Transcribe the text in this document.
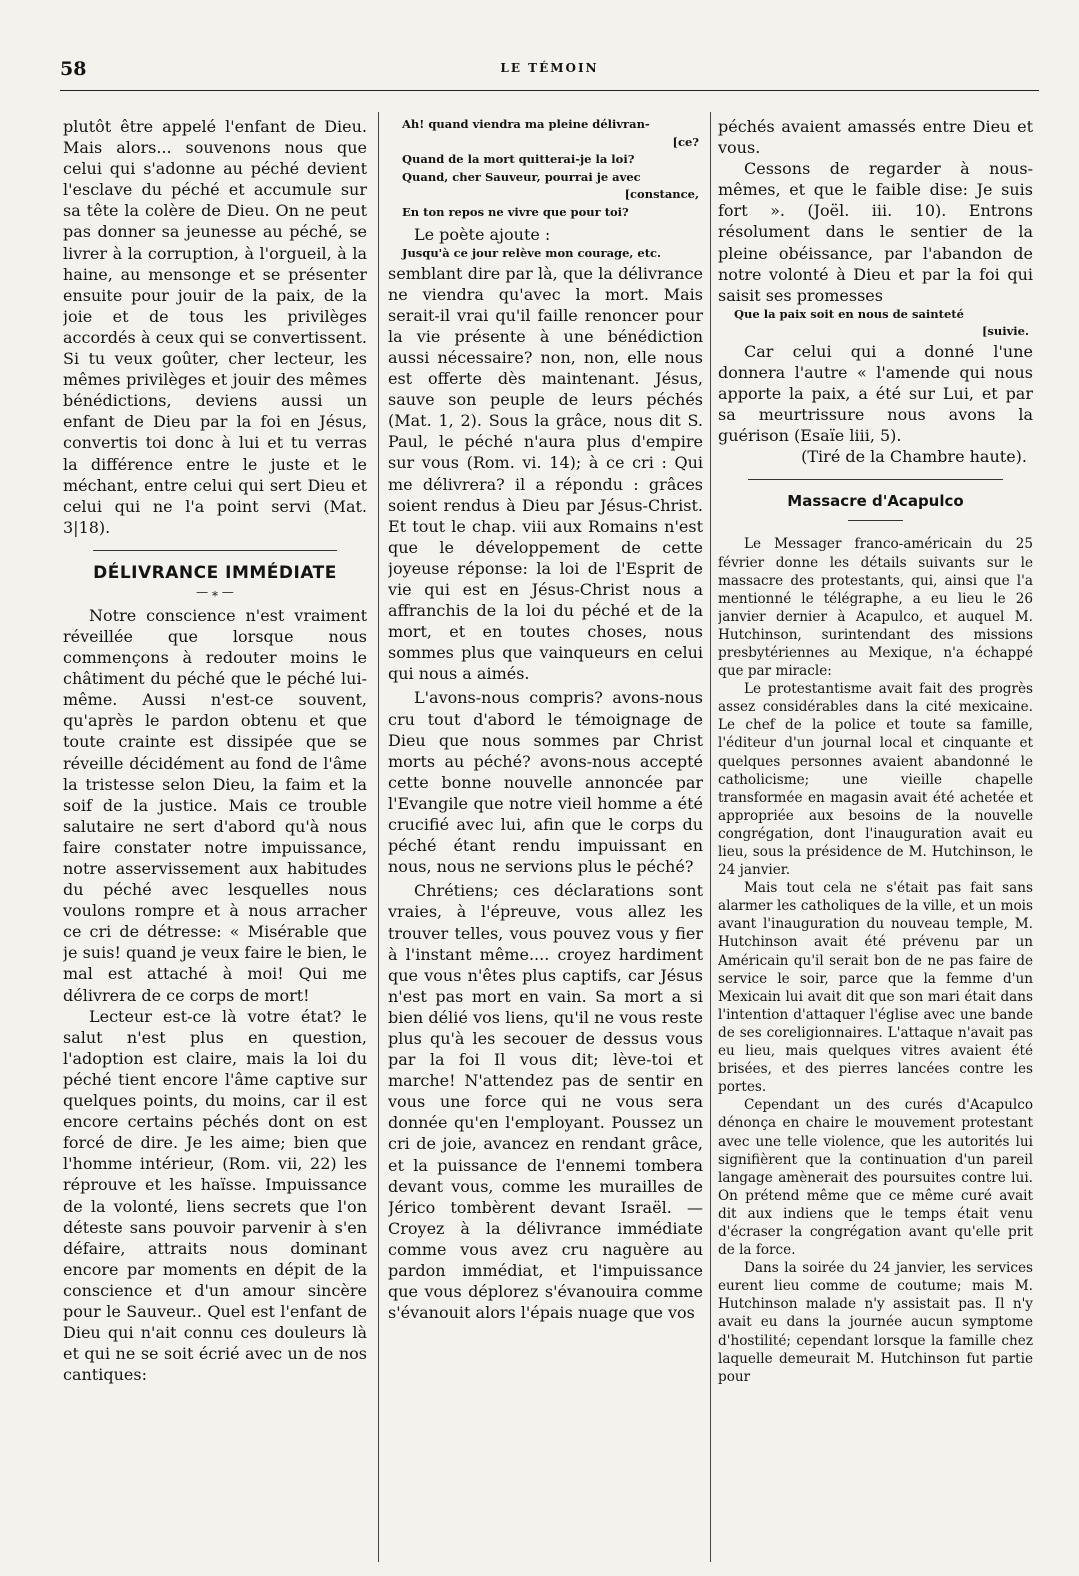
58	LE TÉMOIN

plutôt être appelé l'enfant de Dieu. Mais alors... souvenons nous que celui qui s'adonne au péché devient l'esclave du péché et accumule sur sa tête la colère de Dieu. On ne peut pas donner sa jeunesse au péché, se livrer à la corruption, à l'orgueil, à la haine, au mensonge et se présenter ensuite pour jouir de la paix, de la joie et de tous les privilèges accordés à ceux qui se convertissent. Si tu veux goûter, cher lecteur, les mêmes privilèges et jouir des mêmes bénédictions, deviens aussi un enfant de Dieu par la foi en Jésus, convertis toi donc à lui et tu verras la différence entre le juste et le méchant, entre celui qui sert Dieu et celui qui ne l'a point servi (Mat. 3|18).

DÉLIVRANCE IMMÉDIATE
— ⁎ —

Notre conscience n'est vraiment réveillée que lorsque nous commençons à redouter moins le châtiment du péché que le péché lui-même. Aussi n'est-ce souvent, qu'après le pardon obtenu et que toute crainte est dissipée que se réveille décidément au fond de l'âme la tristesse selon Dieu, la faim et la soif de la justice. Mais ce trouble salutaire ne sert d'abord qu'à nous faire constater notre impuissance, notre asservissement aux habitudes du péché avec lesquelles nous voulons rompre et à nous arracher ce cri de détresse: « Misérable que je suis! quand je veux faire le bien, le mal est attaché à moi! Qui me délivrera de ce corps de mort!

Lecteur est-ce là votre état? le salut n'est plus en question, l'adoption est claire, mais la loi du péché tient encore l'âme captive sur quelques points, du moins, car il est encore certains péchés dont on est forcé de dire. Je les aime; bien que l'homme intérieur, (Rom. vii, 22) les réprouve et les haïsse. Impuissance de la volonté, liens secrets que l'on déteste sans pouvoir parvenir à s'en défaire, attraits nous dominant encore par moments en dépit de la conscience et d'un amour sincère pour le Sauveur.. Quel est l'enfant de Dieu qui n'ait connu ces douleurs là et qui ne se soit écrié avec un de nos cantiques:

Ah! quand viendra ma pleine délivran-
[ce?
Quand de la mort quitterai-je la loi?
Quand, cher Sauveur, pourrai je avec
[constance,
En ton repos ne vivre que pour toi?

Le poète ajoute :

Jusqu'à ce jour relève mon courage, etc.

semblant dire par là, que la délivrance ne viendra qu'avec la mort. Mais serait-il vrai qu'il faille renoncer pour la vie présente à une bénédiction aussi nécessaire? non, non, elle nous est offerte dès maintenant. Jésus, sauve son peuple de leurs péchés (Mat. 1, 2). Sous la grâce, nous dit S. Paul, le péché n'aura plus d'empire sur vous (Rom. vi. 14); à ce cri : Qui me délivrera? il a répondu : grâces soient rendus à Dieu par Jésus-Christ. Et tout le chap. viii aux Romains n'est que le développement de cette joyeuse réponse: la loi de l'Esprit de vie qui est en Jésus-Christ nous a affranchis de la loi du péché et de la mort, et en toutes choses, nous sommes plus que vainqueurs en celui qui nous a aimés.

L'avons-nous compris? avons-nous cru tout d'abord le témoignage de Dieu que nous sommes par Christ morts au péché? avons-nous accepté cette bonne nouvelle annoncée par l'Evangile que notre vieil homme a été crucifié avec lui, afin que le corps du péché étant rendu impuissant en nous, nous ne servions plus le péché?

Chrétiens; ces déclarations sont vraies, à l'épreuve, vous allez les trouver telles, vous pouvez vous y fier à l'instant même.... croyez hardiment que vous n'êtes plus captifs, car Jésus n'est pas mort en vain. Sa mort a si bien délié vos liens, qu'il ne vous reste plus qu'à les secouer de dessus vous par la foi Il vous dit; lève-toi et marche! N'attendez pas de sentir en vous une force qui ne vous sera donnée qu'en l'employant. Poussez un cri de joie, avancez en rendant grâce, et la puissance de l'ennemi tombera devant vous, comme les murailles de Jérico tombèrent devant Israël. — Croyez à la délivrance immédiate comme vous avez cru naguère au pardon immédiat, et l'impuissance que vous déplorez s'évanouira comme s'évanouit alors l'épais nuage que vos

péchés avaient amassés entre Dieu et vous.

Cessons de regarder à nous-mêmes, et que le faible dise: Je suis fort ». (Joël. iii. 10). Entrons résolument dans le sentier de la pleine obéissance, par l'abandon de notre volonté à Dieu et par la foi qui saisit ses promesses

Que la paix soit en nous de sainteté
[suivie.

Car celui qui a donné l'une donnera l'autre « l'amende qui nous apporte la paix, a été sur Lui, et par sa meurtrissure nous avons la guérison (Esaïe liii, 5).

(Tiré de la Chambre haute).

Massacre d'Acapulco

Le Messager franco-américain du 25 février donne les détails suivants sur le massacre des protestants, qui, ainsi que l'a mentionné le télégraphe, a eu lieu le 26 janvier dernier à Acapulco, et auquel M. Hutchinson, surintendant des missions presbytériennes au Mexique, n'a échappé que par miracle:

Le protestantisme avait fait des progrès assez considérables dans la cité mexicaine. Le chef de la police et toute sa famille, l'éditeur d'un journal local et cinquante et quelques personnes avaient abandonné le catholicisme; une vieille chapelle transformée en magasin avait été achetée et appropriée aux besoins de la nouvelle congrégation, dont l'inauguration avait eu lieu, sous la présidence de M. Hutchinson, le 24 janvier.

Mais tout cela ne s'était pas fait sans alarmer les catholiques de la ville, et un mois avant l'inauguration du nouveau temple, M. Hutchinson avait été prévenu par un Américain qu'il serait bon de ne pas faire de service le soir, parce que la femme d'un Mexicain lui avait dit que son mari était dans l'intention d'attaquer l'église avec une bande de ses coreligionnaires. L'attaque n'avait pas eu lieu, mais quelques vitres avaient été brisées, et des pierres lancées contre les portes.

Cependant un des curés d'Acapulco dénonça en chaire le mouvement protestant avec une telle violence, que les autorités lui signifièrent que la continuation d'un pareil langage amènerait des poursuites contre lui. On prétend même que ce même curé avait dit aux indiens que le temps était venu d'écraser la congrégation avant qu'elle prit de la force.

Dans la soirée du 24 janvier, les services eurent lieu comme de coutume; mais M. Hutchinson malade n'y assistait pas. Il n'y avait eu dans la journée aucun symptome d'hostilité; cependant lorsque la famille chez laquelle demeurait M. Hutchinson fut partie pour
